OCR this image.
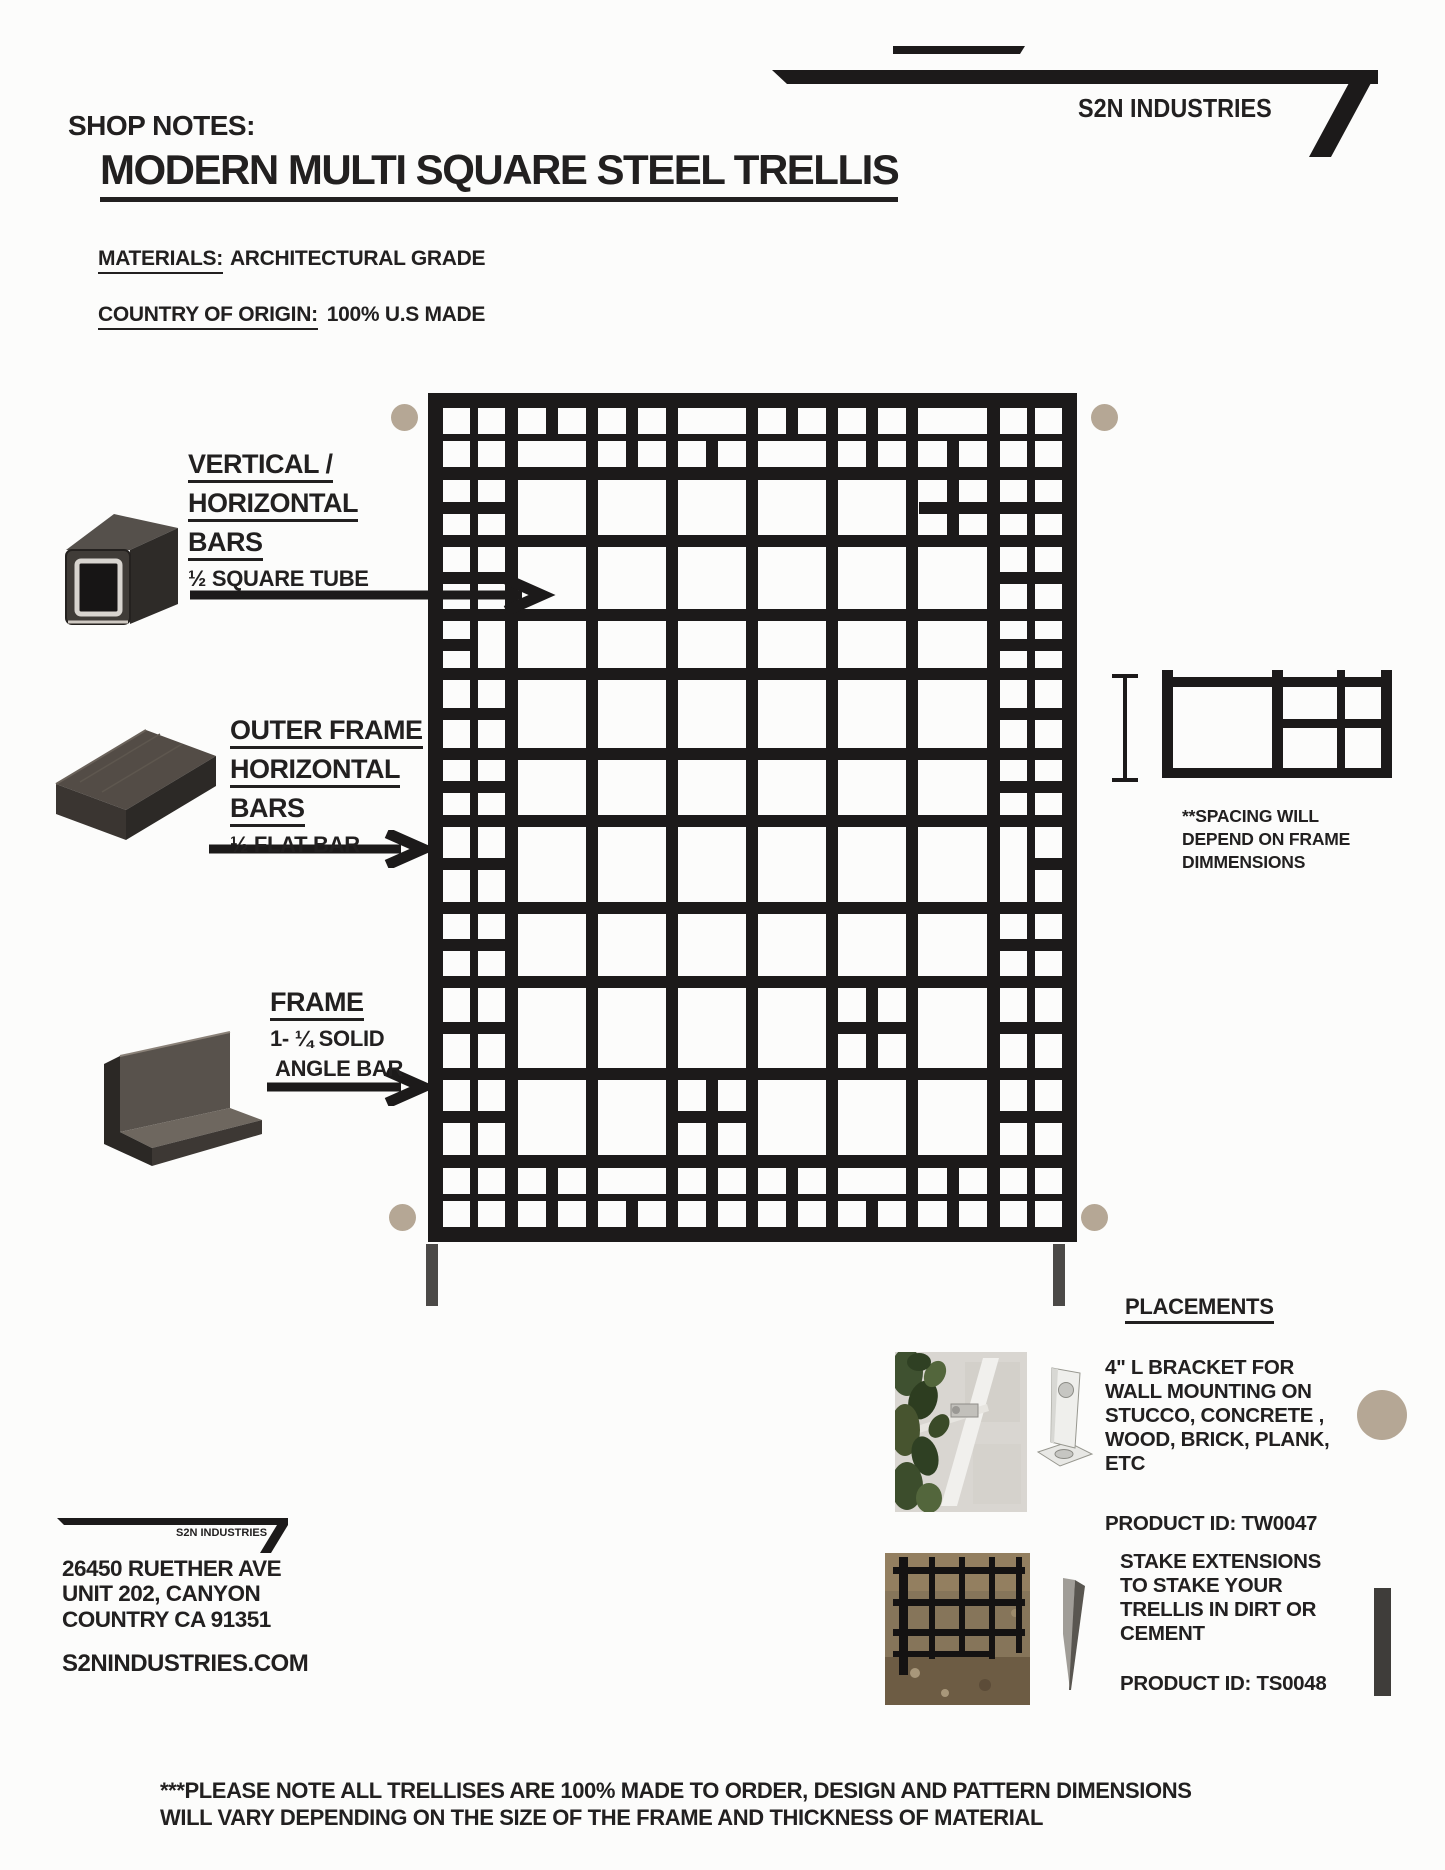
S2N INDUSTRIES
SHOP NOTES:
MODERN MULTI SQUARE STEEL TRELLIS
MATERIALS: ARCHITECTURAL GRADE
COUNTRY OF ORIGIN: 100% U.S MADE
VERTICAL /
HORIZONTAL
BARS
½ SQUARE TUBE
OUTER FRAME
HORIZONTAL
BARS
½ FLAT BAR
FRAME
1- ¼ SOLID
ANGLE BAR
**SPACING WILL
DEPEND ON FRAME
DIMMENSIONS
PLACEMENTS
4" L BRACKET FOR
WALL MOUNTING ON
STUCCO, CONCRETE ,
WOOD, BRICK, PLANK,
ETC
PRODUCT ID: TW0047
STAKE EXTENSIONS
TO STAKE YOUR
TRELLIS IN DIRT OR
CEMENT
PRODUCT ID: TS0048
S2N INDUSTRIES
26450 RUETHER AVE
UNIT 202, CANYON
COUNTRY CA 91351
S2NINDUSTRIES.COM
***PLEASE NOTE ALL TRELLISES ARE 100% MADE TO ORDER, DESIGN AND PATTERN DIMENSIONS
WILL VARY DEPENDING ON THE SIZE OF THE FRAME AND THICKNESS OF MATERIAL
